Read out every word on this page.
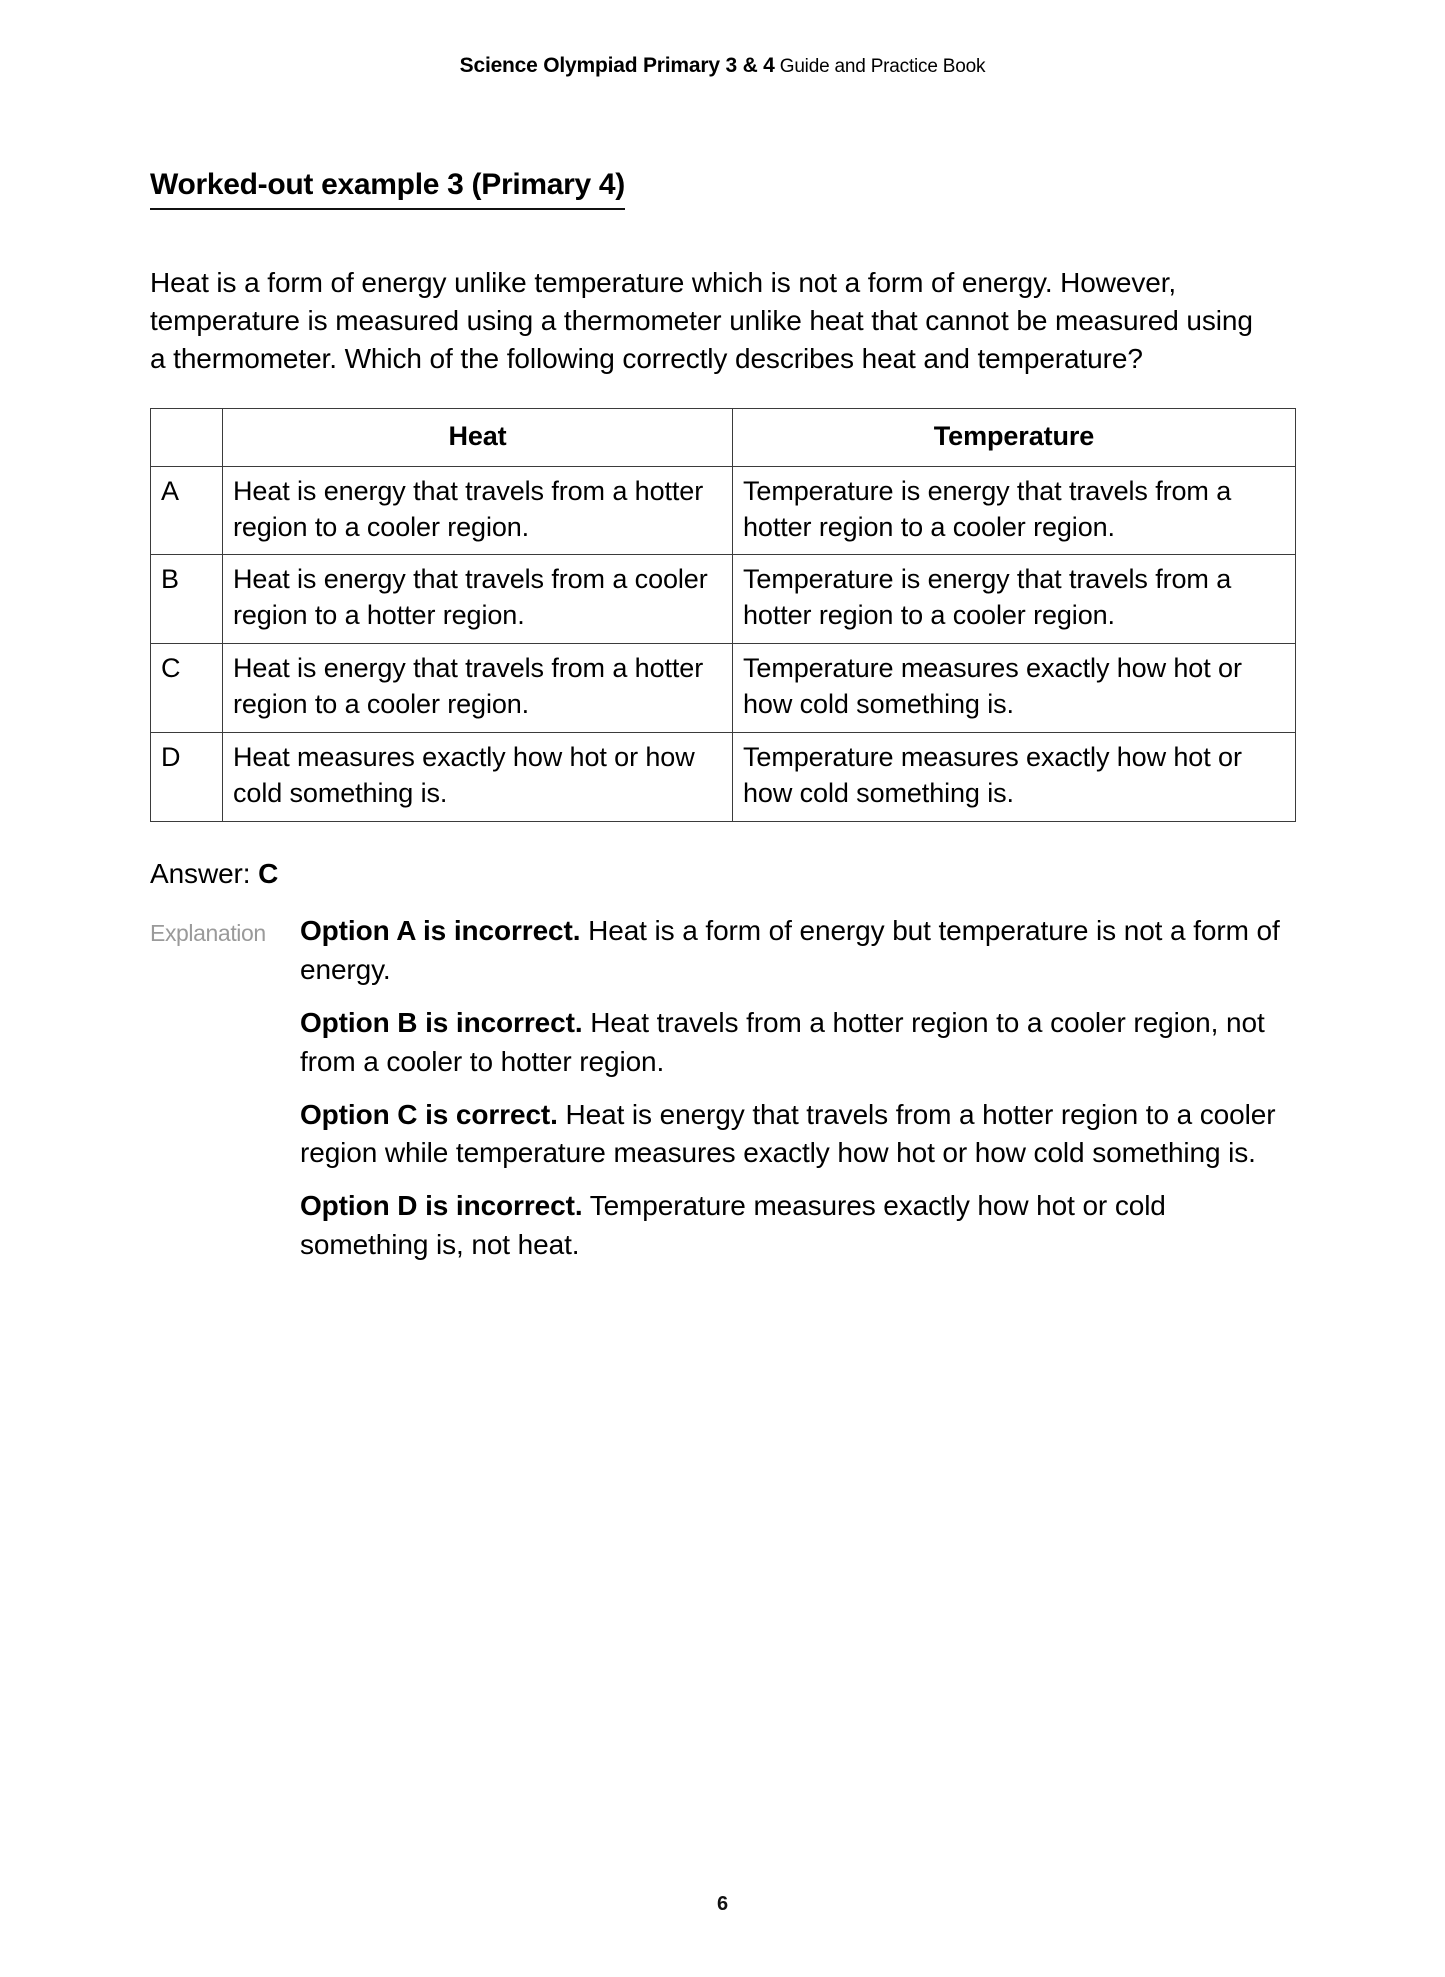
Science Olympiad Primary 3 & 4 Guide and Practice Book
Worked-out example 3 (Primary 4)

Heat is a form of energy unlike temperature which is not a form of energy. However, temperature is measured using a thermometer unlike heat that cannot be measured using a thermometer. Which of the following correctly describes heat and temperature?

	Heat	Temperature
A	Heat is energy that travels from a hotter region to a cooler region.	Temperature is energy that travels from a hotter region to a cooler region.
B	Heat is energy that travels from a cooler region to a hotter region.	Temperature is energy that travels from a hotter region to a cooler region.
C	Heat is energy that travels from a hotter region to a cooler region.	Temperature measures exactly how hot or how cold something is.
D	Heat measures exactly how hot or how cold something is.	Temperature measures exactly how hot or how cold something is.
Answer: C
Explanation	Option A is incorrect. Heat is a form of energy but temperature is not a form of energy.

Option B is incorrect. Heat travels from a hotter region to a cooler region, not from a cooler to hotter region.

Option C is correct. Heat is energy that travels from a hotter region to a cooler region while temperature measures exactly how hot or how cold something is.

Option D is incorrect. Temperature measures exactly how hot or cold something is, not heat.

6
